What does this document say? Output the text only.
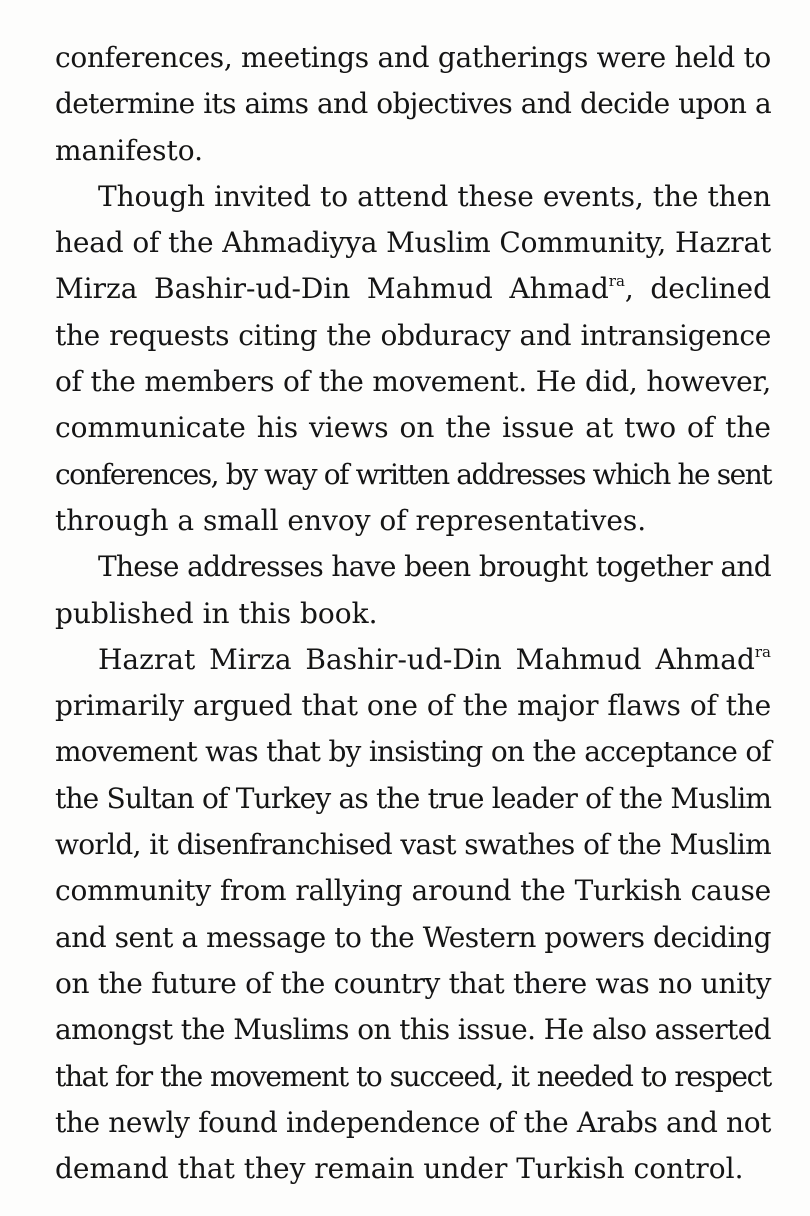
conferences, meetings and gatherings were held to
determine its aims and objectives and decide upon a
manifesto.
Though invited to attend these events, the then
head of the Ahmadiyya Muslim Community, Hazrat
Mirza Bashir-ud-Din Mahmud Ahmad$^{ra}$, declined
the requests citing the obduracy and intransigence
of the members of the movement. He did, however,
communicate his views on the issue at two of the
conferences, by way of written addresses which he sent
through a small envoy of representatives.
These addresses have been brought together and
published in this book.
Hazrat Mirza Bashir-ud-Din Mahmud Ahmad$^{ra}$
primarily argued that one of the major flaws of the
movement was that by insisting on the acceptance of
the Sultan of Turkey as the true leader of the Muslim
world, it disenfranchised vast swathes of the Muslim
community from rallying around the Turkish cause
and sent a message to the Western powers deciding
on the future of the country that there was no unity
amongst the Muslims on this issue. He also asserted
that for the movement to succeed, it needed to respect
the newly found independence of the Arabs and not
demand that they remain under Turkish control.
